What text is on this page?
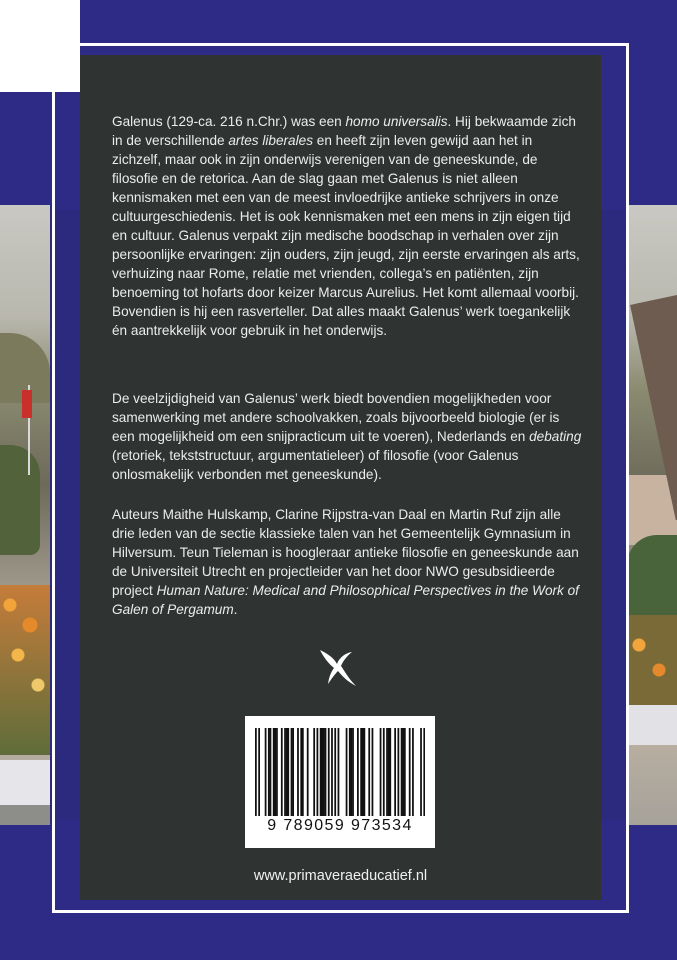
Galenus (129-ca. 216 n.Chr.) was een homo universalis. Hij bekwaamde zich in de verschillende artes liberales en heeft zijn leven gewijd aan het in zichzelf, maar ook in zijn onderwijs verenigen van de geneeskunde, de filosofie en de retorica. Aan de slag gaan met Galenus is niet alleen kennismaken met een van de meest invloedrijke antieke schrijvers in onze cultuurgeschiedenis. Het is ook kennismaken met een mens in zijn eigen tijd en cultuur. Galenus verpakt zijn medische boodschap in verhalen over zijn persoonlijke ervaringen: zijn ouders, zijn jeugd, zijn eerste ervaringen als arts, verhuizing naar Rome, relatie met vrienden, collega’s en patiënten, zijn benoeming tot hofarts door keizer Marcus Aurelius. Het komt allemaal voorbij. Bovendien is hij een rasverteller. Dat alles maakt Galenus’ werk toegankelijk én aantrekkelijk voor gebruik in het onderwijs.

De veelzijdigheid van Galenus’ werk biedt bovendien mogelijkheden voor samenwerking met andere schoolvakken, zoals bijvoorbeeld biologie (er is een mogelijkheid om een snijpracticum uit te voeren), Nederlands en debating (retoriek, tekststructuur, argumentatieleer) of filosofie (voor Galenus onlosmakelijk verbonden met geneeskunde).

Auteurs Maithe Hulskamp, Clarine Rijpstra-van Daal en Martin Ruf zijn alle drie leden van de sectie klassieke talen van het Gemeentelijk Gymnasium in Hilversum. Teun Tieleman is hoogleraar antieke filosofie en geneeskunde aan de Universiteit Utrecht en projectleider van het door NWO gesubsidieerde project Human Nature: Medical and Philosophical Perspectives in the Work of Galen of Pergamum.

9 789059 973534
www.primaveraeducatief.nl
